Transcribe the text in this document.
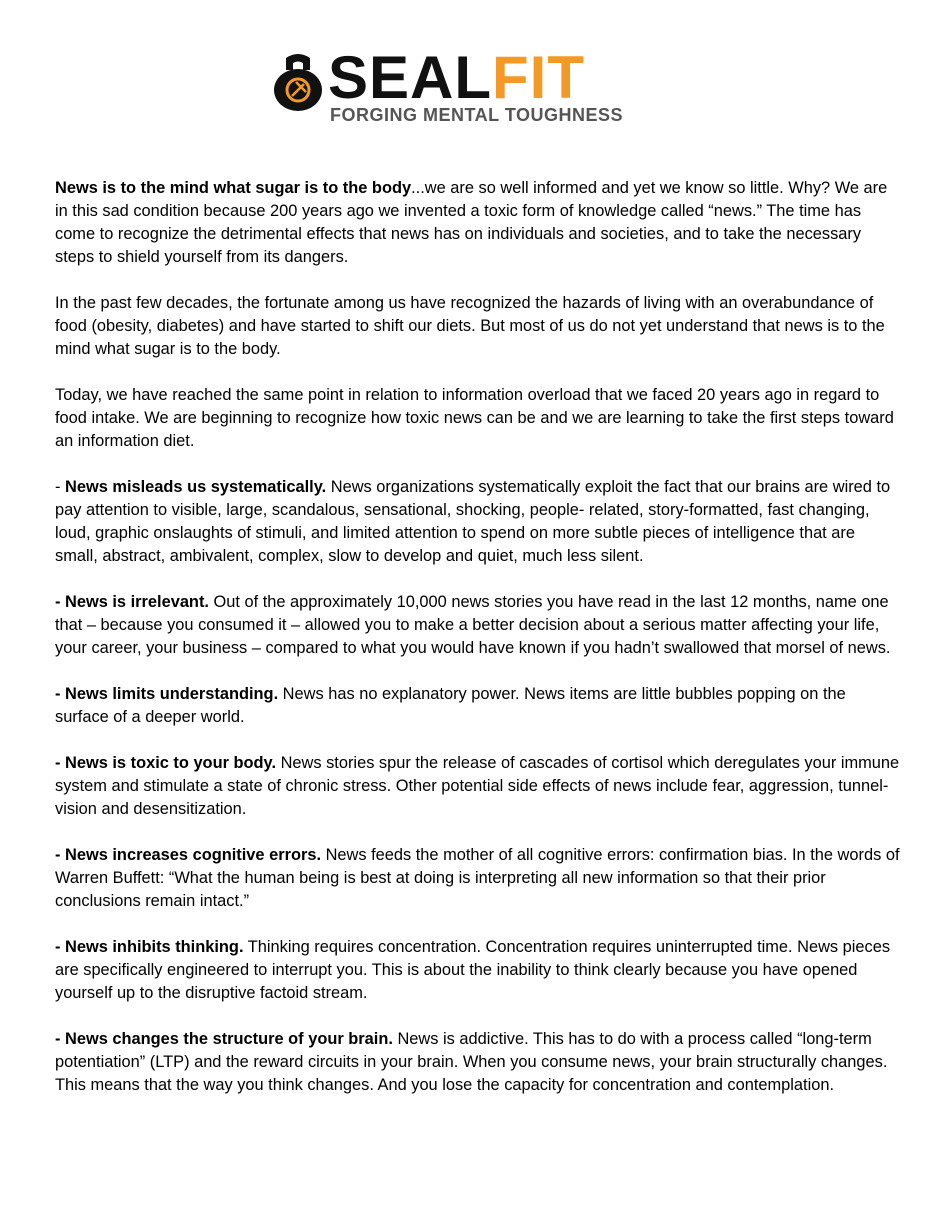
SEALFIT
FORGING MENTAL TOUGHNESS

News is to the mind what sugar is to the body...we are so well informed and yet we know so little. Why? We are in this sad condition because 200 years ago we invented a toxic form of knowledge called “news.” The time has come to recognize the detrimental effects that news has on individuals and societies, and to take the necessary steps to shield yourself from its dangers.

In the past few decades, the fortunate among us have recognized the hazards of living with an overabundance of food (obesity, diabetes) and have started to shift our diets. But most of us do not yet understand that news is to the mind what sugar is to the body.

Today, we have reached the same point in relation to information overload that we faced 20 years ago in regard to food intake. We are beginning to recognize how toxic news can be and we are learning to take the first steps toward an information diet.

- News misleads us systematically. News organizations systematically exploit the fact that our brains are wired to pay attention to visible, large, scandalous, sensational, shocking, people- related, story-formatted, fast changing, loud, graphic onslaughts of stimuli, and limited attention to spend on more subtle pieces of intelligence that are small, abstract, ambivalent, complex, slow to develop and quiet, much less silent.

- News is irrelevant. Out of the approximately 10,000 news stories you have read in the last 12 months, name one that – because you consumed it – allowed you to make a better decision about a serious matter affecting your life, your career, your business – compared to what you would have known if you hadn’t swallowed that morsel of news.

- News limits understanding. News has no explanatory power. News items are little bubbles popping on the surface of a deeper world.

- News is toxic to your body. News stories spur the release of cascades of cortisol which deregulates your immune system and stimulate a state of chronic stress. Other potential side effects of news include fear, aggression, tunnel-vision and desensitization.

- News increases cognitive errors. News feeds the mother of all cognitive errors: confirmation bias. In the words of Warren Buffett: “What the human being is best at doing is interpreting all new information so that their prior conclusions remain intact.”

- News inhibits thinking. Thinking requires concentration. Concentration requires uninterrupted time. News pieces are specifically engineered to interrupt you. This is about the inability to think clearly because you have opened yourself up to the disruptive factoid stream.

- News changes the structure of your brain. News is addictive. This has to do with a process called “long-term potentiation” (LTP) and the reward circuits in your brain. When you consume news, your brain structurally changes. This means that the way you think changes. And you lose the capacity for concentration and contemplation.
